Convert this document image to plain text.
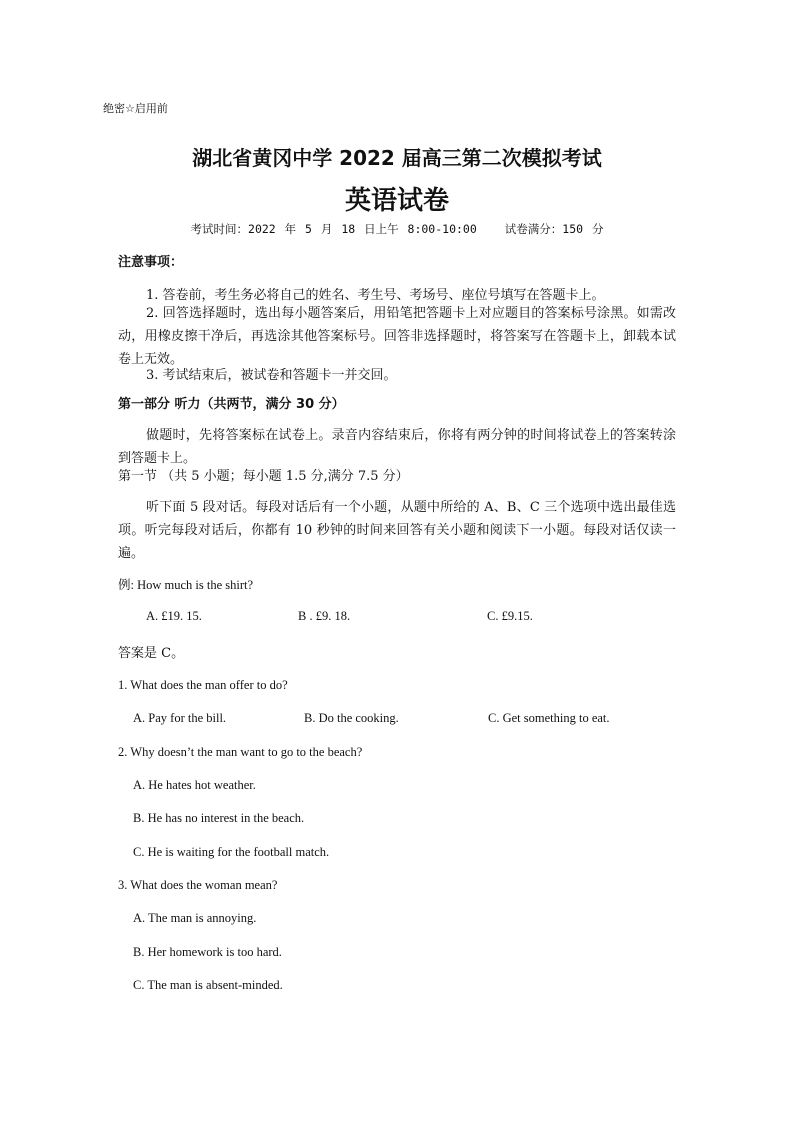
绝密☆启用前
湖北省黄冈中学 2022 届高三第二次模拟考试
英语试卷
考试时间：2022 年 5 月 18 日上午 8:00-10:00 试卷满分：150 分
注意事项：
1. 答卷前，考生务必将自己的姓名、考生号、考场号、座位号填写在答题卡上。
2. 回答选择题时，选出每小题答案后，用铅笔把答题卡上对应题目的答案标号涂黑。如需改动，用橡皮擦干净后，再选涂其他答案标号。回答非选择题时，将答案写在答题卡上，卸载本试卷上无效。
3. 考试结束后，被试卷和答题卡一并交回。
第一部分 听力（共两节，满分 30 分）
做题时，先将答案标在试卷上。录音内容结束后，你将有两分钟的时间将试卷上的答案转涂到答题卡上。
第一节 （共 5 小题；每小题 1.5 分,满分 7.5 分）
听下面 5 段对话。每段对话后有一个小题，从题中所给的 A、B、C 三个选项中选出最佳选项。听完每段对话后，你都有 10 秒钟的时间来回答有关小题和阅读下一小题。每段对话仅读一遍。
例: How much is the shirt?
A. £19. 15.	B . £9. 18.	C. £9.15.
答案是 C。
1. What does the man offer to do?
A. Pay for the bill.	B. Do the cooking.	C. Get something to eat.
2. Why doesn’t the man want to go to the beach?
A. He hates hot weather.
B. He has no interest in the beach.
C. He is waiting for the football match.
3. What does the woman mean?
A. The man is annoying.
B. Her homework is too hard.
C. The man is absent-minded.
